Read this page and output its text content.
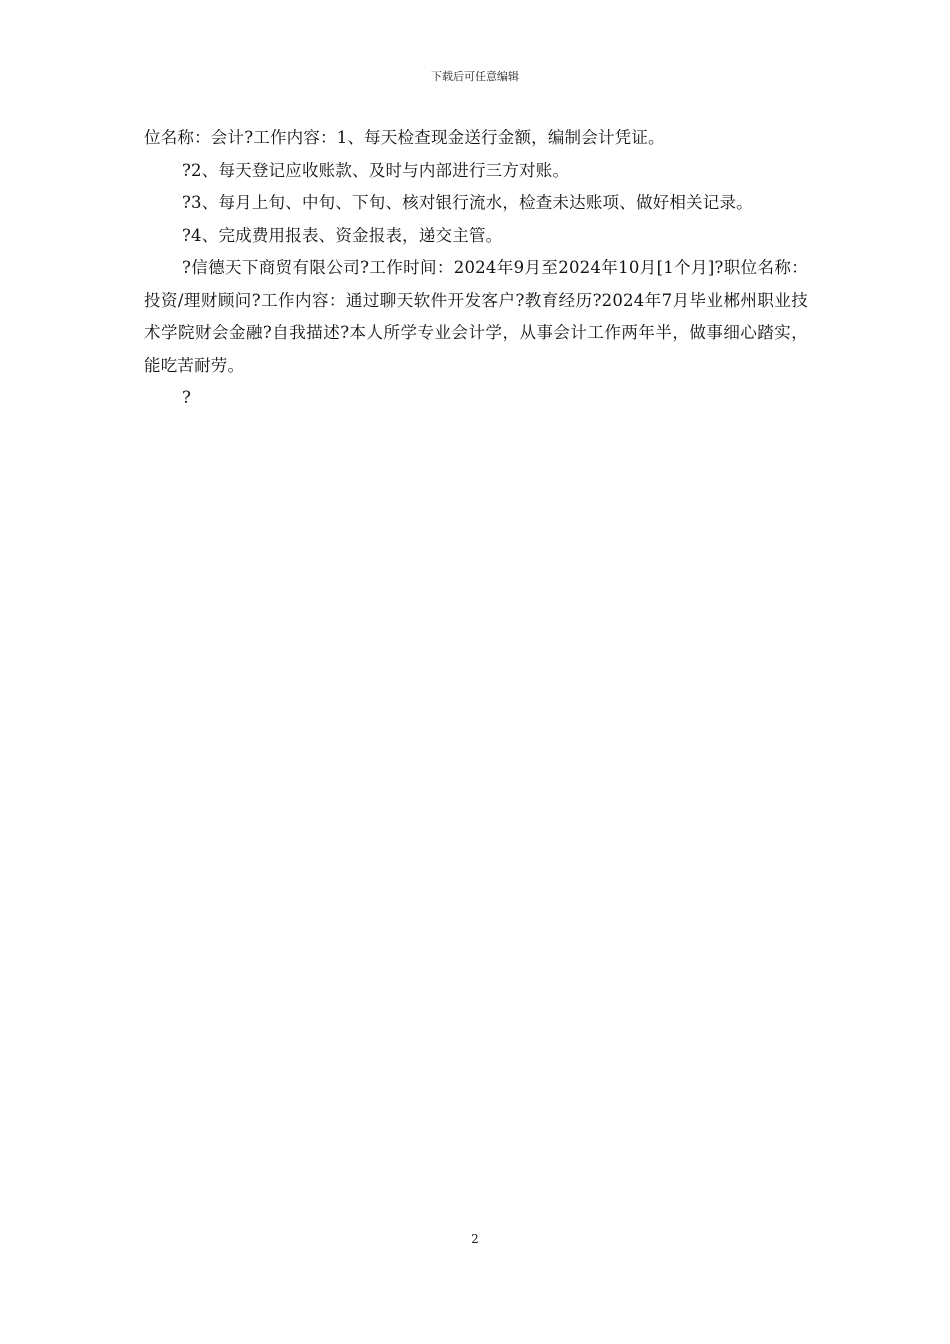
下载后可任意编辑

位名称：会计?工作内容：1、每天检查现金送行金额，编制会计凭证。

?2、每天登记应收账款、及时与内部进行三方对账。

?3、每月上旬、中旬、下旬、核对银行流水，检查未达账项、做好相关记录。

?4、完成费用报表、资金报表，递交主管。

?信德天下商贸有限公司?工作时间：2024年9月至2024年10月[1个月]?职位名称：投资/理财顾问?工作内容：通过聊天软件开发客户?教育经历?2024年7月毕业郴州职业技术学院财会金融?自我描述?本人所学专业会计学，从事会计工作两年半，做事细心踏实，能吃苦耐劳。

?

2
